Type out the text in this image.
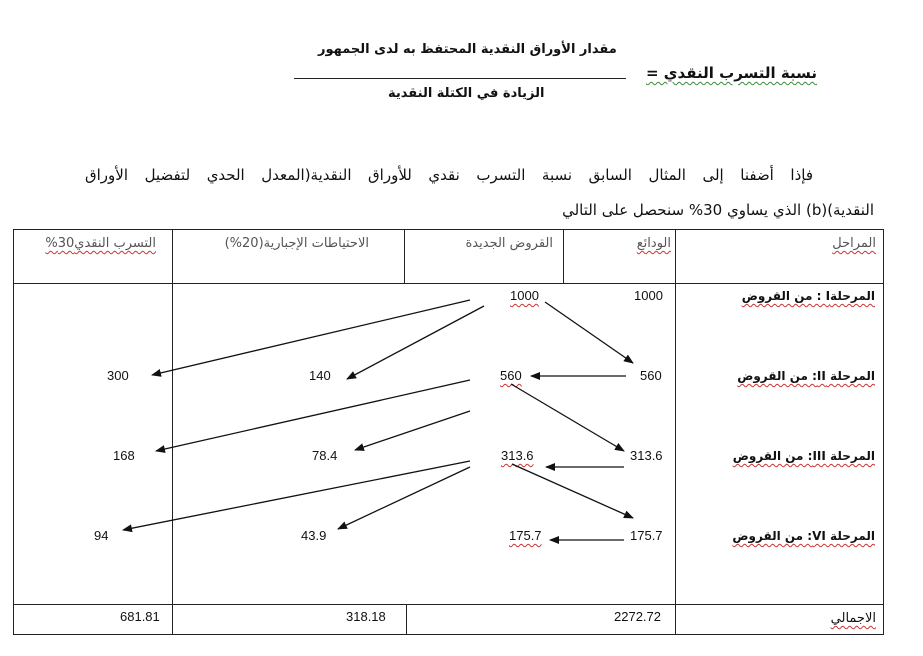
مقدار الأوراق النقدية المحتفظ به لدى الجمهور
الزيادة في الكتلة النقدية
نسبة التسرب النقدي =
فإذا أضفنا إلى المثال السابق نسبة التسرب نقدي للأوراق النقدية(المعدل الحدي لتفضيل الأوراق
النقدية)(b) الذي يساوي 30% سنحصل على التالي
المراحل
الودائع
القروض الجديدة
الاحتياطات الإجبارية(20%)
التسرب النقدي30%
المرحلةI : من القروض
المرحلة II: من القروض
المرحلة III: من القروض
المرحلة VI: من القروض
1000
560
313.6
175.7
1000
560
313.6
175.7
140
78.4
43.9
300
168
94
الاجمالي
2272.72
318.18
681.81
